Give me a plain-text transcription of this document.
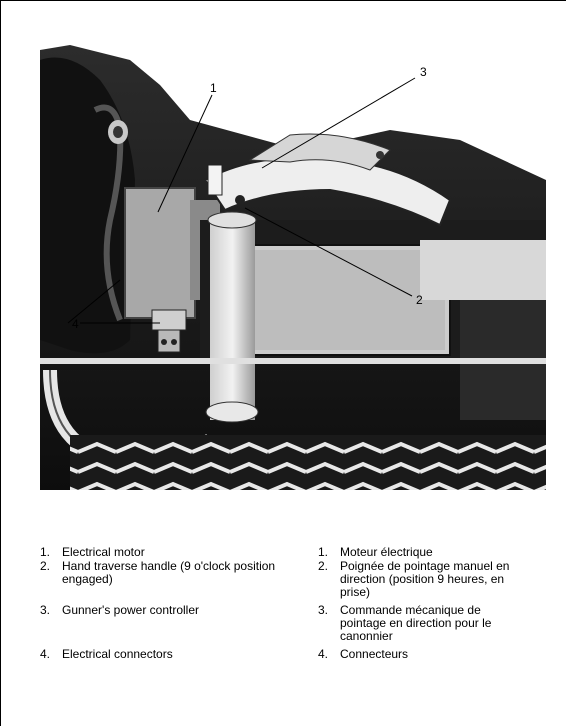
1
2
3
4
1. Electrical motor
2. Hand traverse handle (9 o'clock position engaged)
3. Gunner's power controller
4. Electrical connectors
1. Moteur électrique
2. Poignée de pointage manuel en direction (position 9 heures, en prise)
3. Commande mécanique de pointage en direction pour le canonnier
4. Connecteurs
